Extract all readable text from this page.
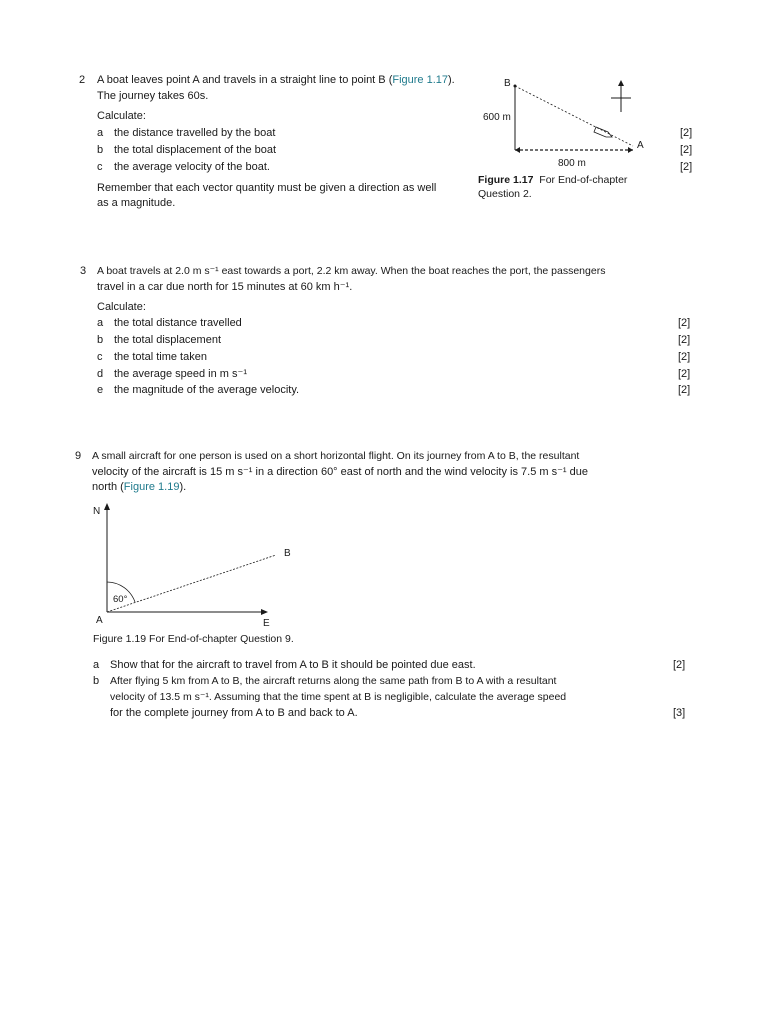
2 A boat leaves point A and travels in a straight line to point B (Figure 1.17).
The journey takes 60s.
Calculate:
a the distance travelled by the boat	[2]
b the total displacement of the boat	[2]
c the average velocity of the boat.	[2]
Remember that each vector quantity must be given a direction as well
as a magnitude.
B
600 m
A
800 m
Figure 1.17 For End-of-chapter
Question 2.
3 A boat travels at 2.0 m s⁻¹ east towards a port, 2.2 km away. When the boat reaches the port, the passengers
travel in a car due north for 15 minutes at 60 km h⁻¹.
Calculate:
a the total distance travelled	[2]
b the total displacement	[2]
c the total time taken	[2]
d the average speed in m s⁻¹	[2]
e the magnitude of the average velocity.	[2]
9 A small aircraft for one person is used on a short horizontal flight. On its journey from A to B, the resultant
velocity of the aircraft is 15 m s⁻¹ in a direction 60° east of north and the wind velocity is 7.5 m s⁻¹ due
north (Figure 1.19).
N
E
A
B
60°
Figure 1.19 For End-of-chapter Question 9.
a Show that for the aircraft to travel from A to B it should be pointed due east.	[2]
b After flying 5 km from A to B, the aircraft returns along the same path from B to A with a resultant
velocity of 13.5 m s⁻¹. Assuming that the time spent at B is negligible, calculate the average speed
for the complete journey from A to B and back to A.	[3]
